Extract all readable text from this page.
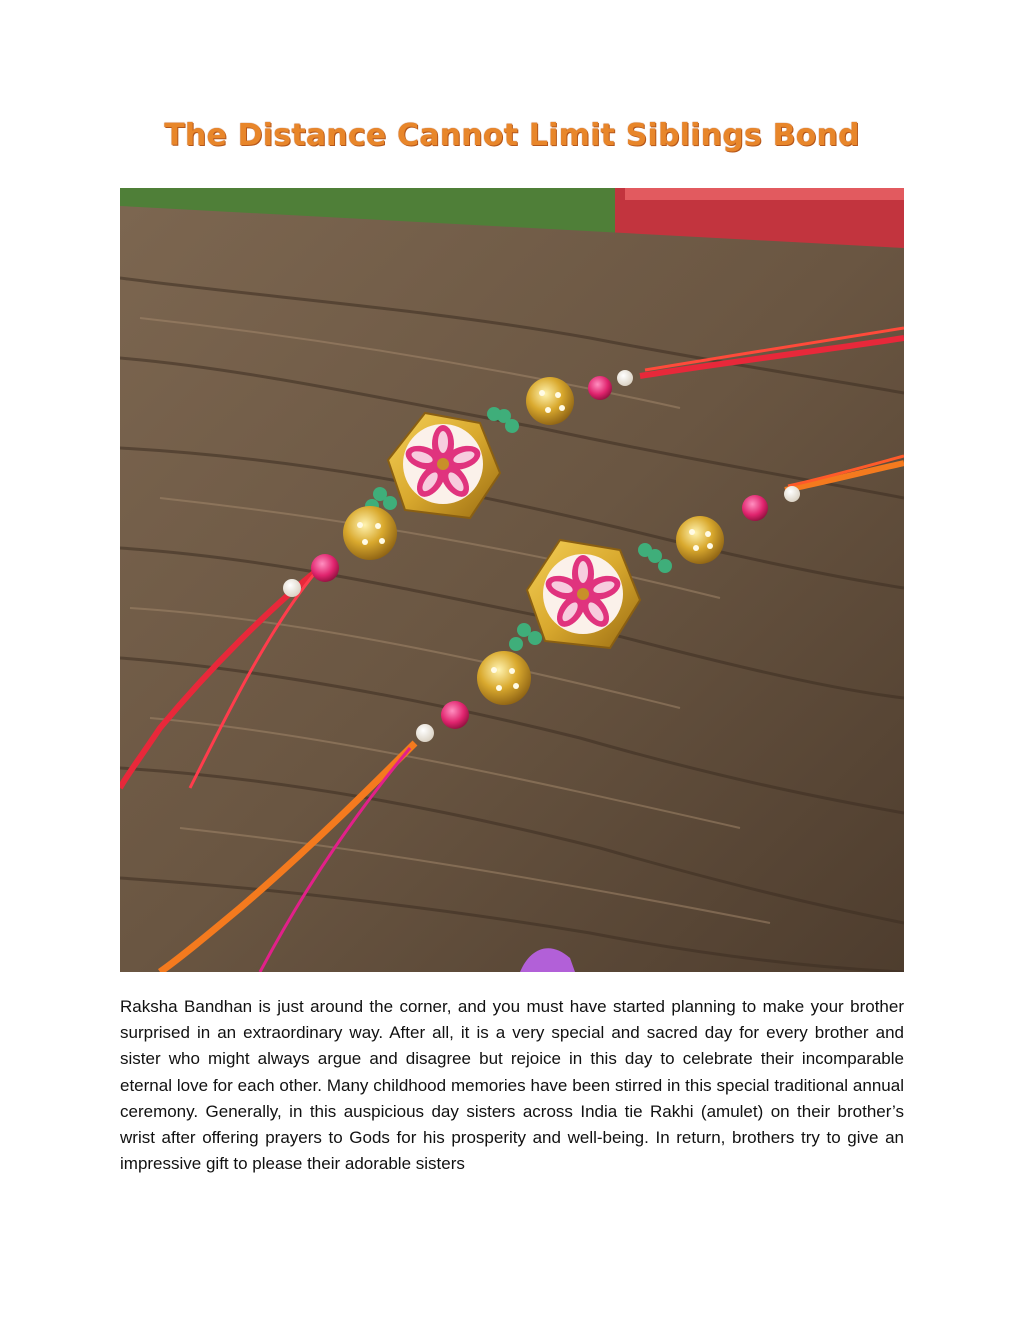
The Distance Cannot Limit Siblings Bond

Raksha Bandhan is just around the corner, and you must have started planning to make your brother surprised in an extraordinary way. After all, it is a very special and sacred day for every brother and sister who might always argue and disagree but rejoice in this day to celebrate their incomparable eternal love for each other. Many childhood memories have been stirred in this special traditional annual ceremony. Generally, in this auspicious day sisters across India tie Rakhi (amulet) on their brother’s wrist after offering prayers to Gods for his prosperity and well-being. In return, brothers try to give an impressive gift to please their adorable sisters
